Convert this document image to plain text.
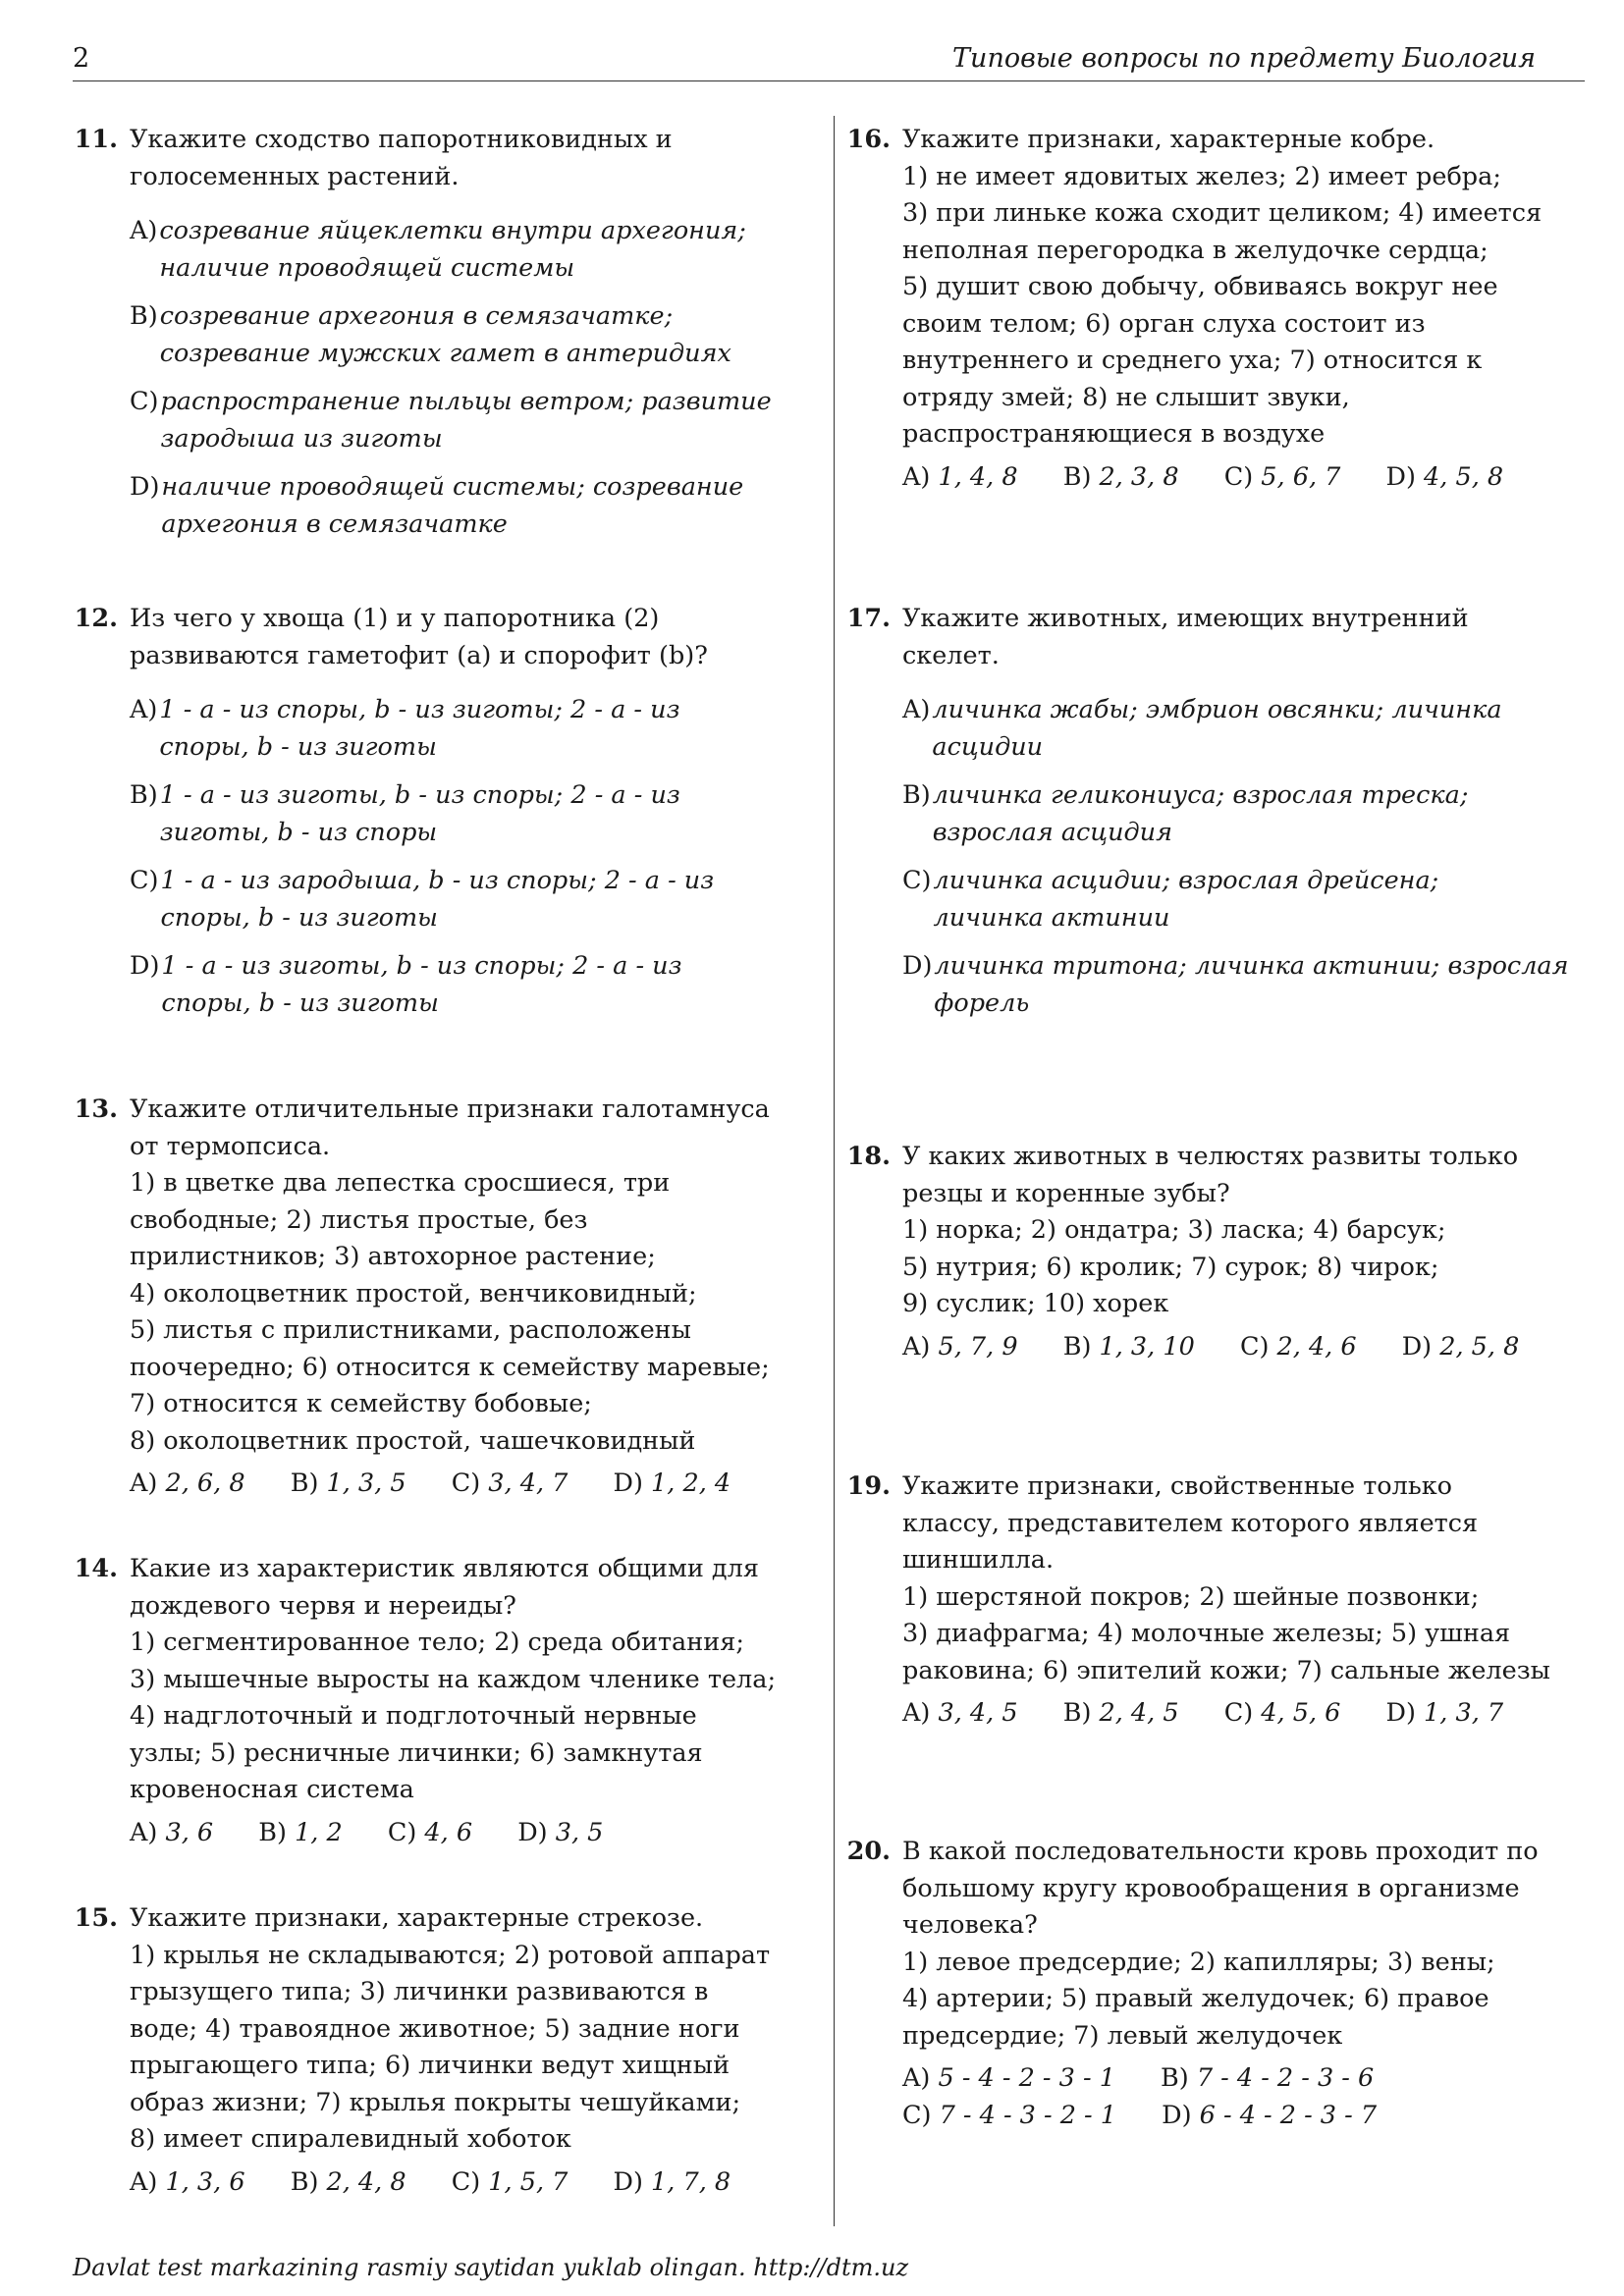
2	Типовые вопросы по предмету Биология
11. Укажите сходство папоротниковидных и
голосеменных растений.
A) созревание яйцеклетки внутри архегония;
наличие проводящей системы
B) созревание архегония в семязачатке;
созревание мужских гамет в антеридиях
C) распространение пыльцы ветром; развитие
зародыша из зиготы
D) наличие проводящей системы; созревание
архегония в семязачатке
12. Из чего у хвоща (1) и у папоротника (2)
развиваются гаметофит (a) и спорофит (b)?
A) 1 - a - из споры, b - из зиготы; 2 - a - из
споры, b - из зиготы
B) 1 - a - из зиготы, b - из споры; 2 - a - из
зиготы, b - из споры
C) 1 - a - из зародыша, b - из споры; 2 - a - из
споры, b - из зиготы
D) 1 - a - из зиготы, b - из споры; 2 - a - из
споры, b - из зиготы
13. Укажите отличительные признаки галотамнуса
от термопсиса.
1) в цветке два лепестка сросшиеся, три
свободные; 2) листья простые, без
прилистников; 3) автохорное растение;
4) околоцветник простой, венчиковидный;
5) листья с прилистниками, расположены
поочередно; 6) относится к семейству маревые;
7) относится к семейству бобовые;
8) околоцветник простой, чашечковидный
A) 2, 6, 8 B) 1, 3, 5 C) 3, 4, 7 D) 1, 2, 4
14. Какие из характеристик являются общими для
дождевого червя и нереиды?
1) сегментированное тело; 2) среда обитания;
3) мышечные выросты на каждом членике тела;
4) надглоточный и подглоточный нервные
узлы; 5) ресничные личинки; 6) замкнутая
кровеносная система
A) 3, 6 B) 1, 2 C) 4, 6 D) 3, 5
15. Укажите признаки, характерные стрекозе.
1) крылья не складываются; 2) ротовой аппарат
грызущего типа; 3) личинки развиваются в
воде; 4) травоядное животное; 5) задние ноги
прыгающего типа; 6) личинки ведут хищный
образ жизни; 7) крылья покрыты чешуйками;
8) имеет спиралевидный хоботок
A) 1, 3, 6 B) 2, 4, 8 C) 1, 5, 7 D) 1, 7, 8
16. Укажите признаки, характерные кобре.
1) не имеет ядовитых желез; 2) имеет ребра;
3) при линьке кожа сходит целиком; 4) имеется
неполная перегородка в желудочке сердца;
5) душит свою добычу, обвиваясь вокруг нее
своим телом; 6) орган слуха состоит из
внутреннего и среднего уха; 7) относится к
отряду змей; 8) не слышит звуки,
распространяющиеся в воздухе
A) 1, 4, 8 B) 2, 3, 8 C) 5, 6, 7 D) 4, 5, 8
17. Укажите животных, имеющих внутренний
скелет.
A) личинка жабы; эмбрион овсянки; личинка
асцидии
B) личинка геликониуса; взрослая треска;
взрослая асцидия
C) личинка асцидии; взрослая дрейсена;
личинка актинии
D) личинка тритона; личинка актинии; взрослая
форель
18. У каких животных в челюстях развиты только
резцы и коренные зубы?
1) норка; 2) ондатра; 3) ласка; 4) барсук;
5) нутрия; 6) кролик; 7) сурок; 8) чирок;
9) суслик; 10) хорек
A) 5, 7, 9 B) 1, 3, 10 C) 2, 4, 6 D) 2, 5, 8
19. Укажите признаки, свойственные только
классу, представителем которого является
шиншилла.
1) шерстяной покров; 2) шейные позвонки;
3) диафрагма; 4) молочные железы; 5) ушная
раковина; 6) эпителий кожи; 7) сальные железы
A) 3, 4, 5 B) 2, 4, 5 C) 4, 5, 6 D) 1, 3, 7
20. В какой последовательности кровь проходит по
большому кругу кровообращения в организме
человека?
1) левое предсердие; 2) капилляры; 3) вены;
4) артерии; 5) правый желудочек; 6) правое
предсердие; 7) левый желудочек
A) 5 - 4 - 2 - 3 - 1 B) 7 - 4 - 2 - 3 - 6
C) 7 - 4 - 3 - 2 - 1 D) 6 - 4 - 2 - 3 - 7
Davlat test markazining rasmiy saytidan yuklab olingan. http://dtm.uz
